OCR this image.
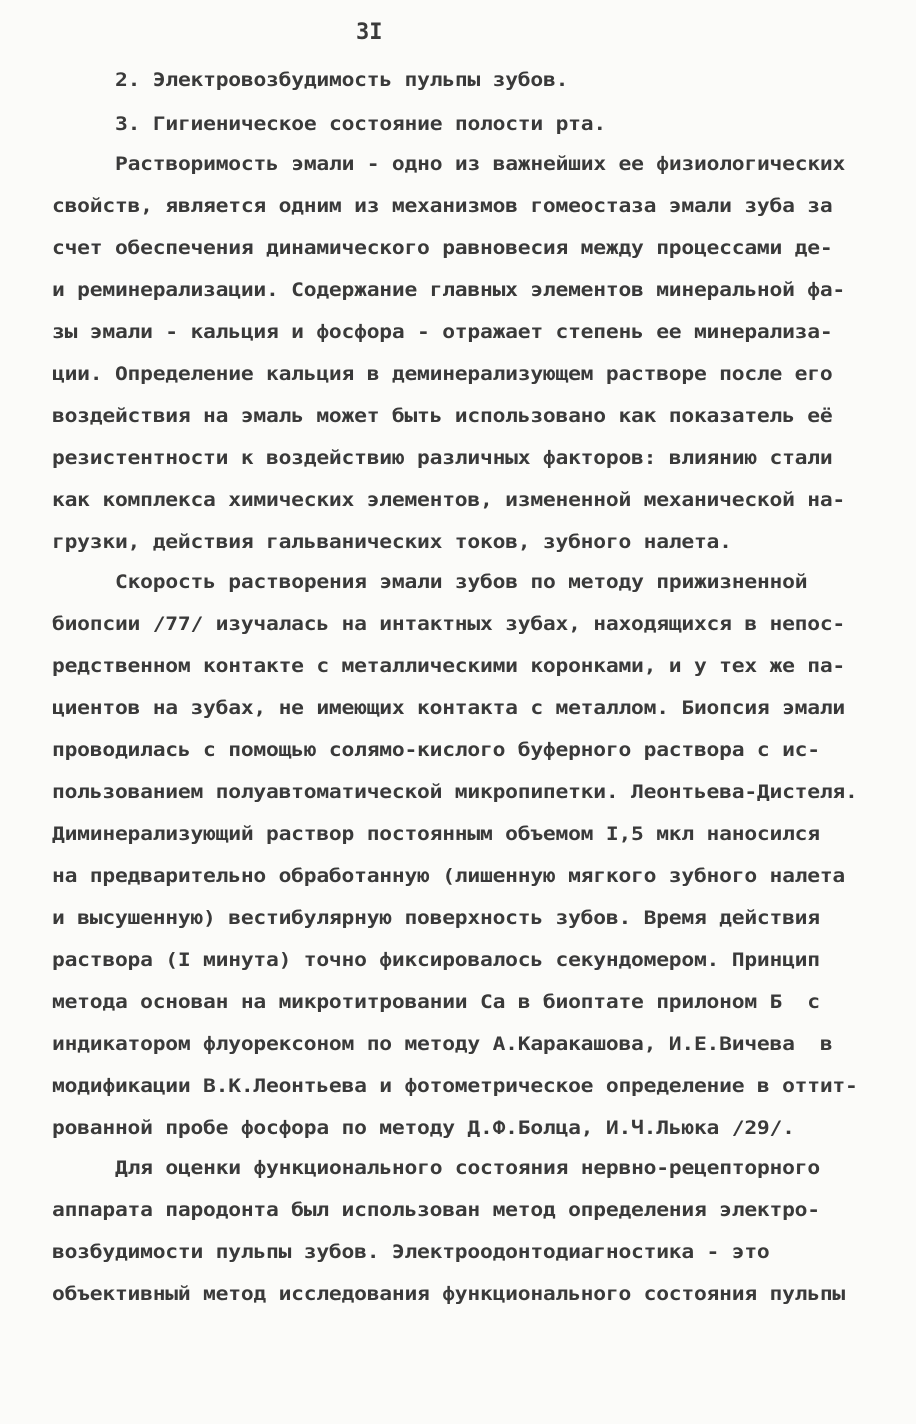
3I
2. Электровозбудимость пульпы зубов.
3. Гигиеническое состояние полости рта.
Растворимость эмали - одно из важнейших ее физиологических
свойств, является одним из механизмов гомеостаза эмали зуба за
счет обеспечения динамического равновесия между процессами де-
и реминерализации. Содержание главных элементов минеральной фа-
зы эмали - кальция и фосфора - отражает степень ее минерализа-
ции. Определение кальция в деминерализующем растворе после его
воздействия на эмаль может быть использовано как показатель её
резистентности к воздействию различных факторов: влиянию стали
как комплекса химических элементов, измененной механической на-
грузки, действия гальванических токов, зубного налета.
Скорость растворения эмали зубов по методу прижизненной
биопсии /77/ изучалась на интактных зубах, находящихся в непос-
редственном контакте с металлическими коронками, и у тех же па-
циентов на зубах, не имеющих контакта с металлом. Биопсия эмали
проводилась с помощью солямо-кислого буферного раствора с ис-
пользованием полуавтоматической микропипетки. Леонтьева-Дистеля.
Диминерализующий раствор постоянным объемом I,5 мкл наносился
на предварительно обработанную (лишенную мягкого зубного налета
и высушенную) вестибулярную поверхность зубов. Время действия
раствора (I минута) точно фиксировалось секундомером. Принцип
метода основан на микротитровании Са в биоптате прилоном Б  с
индикатором флуорексоном по методу А.Каракашова, И.Е.Вичева  в
модификации В.К.Леонтьева и фотометрическое определение в оттит-
рованной пробе фосфора по методу Д.Ф.Болца, И.Ч.Льюка /29/.
Для оценки функционального состояния нервно-рецепторного
аппарата пародонта был использован метод определения электро-
возбудимости пульпы зубов. Электроодонтодиагностика - это
объективный метод исследования функционального состояния пульпы
